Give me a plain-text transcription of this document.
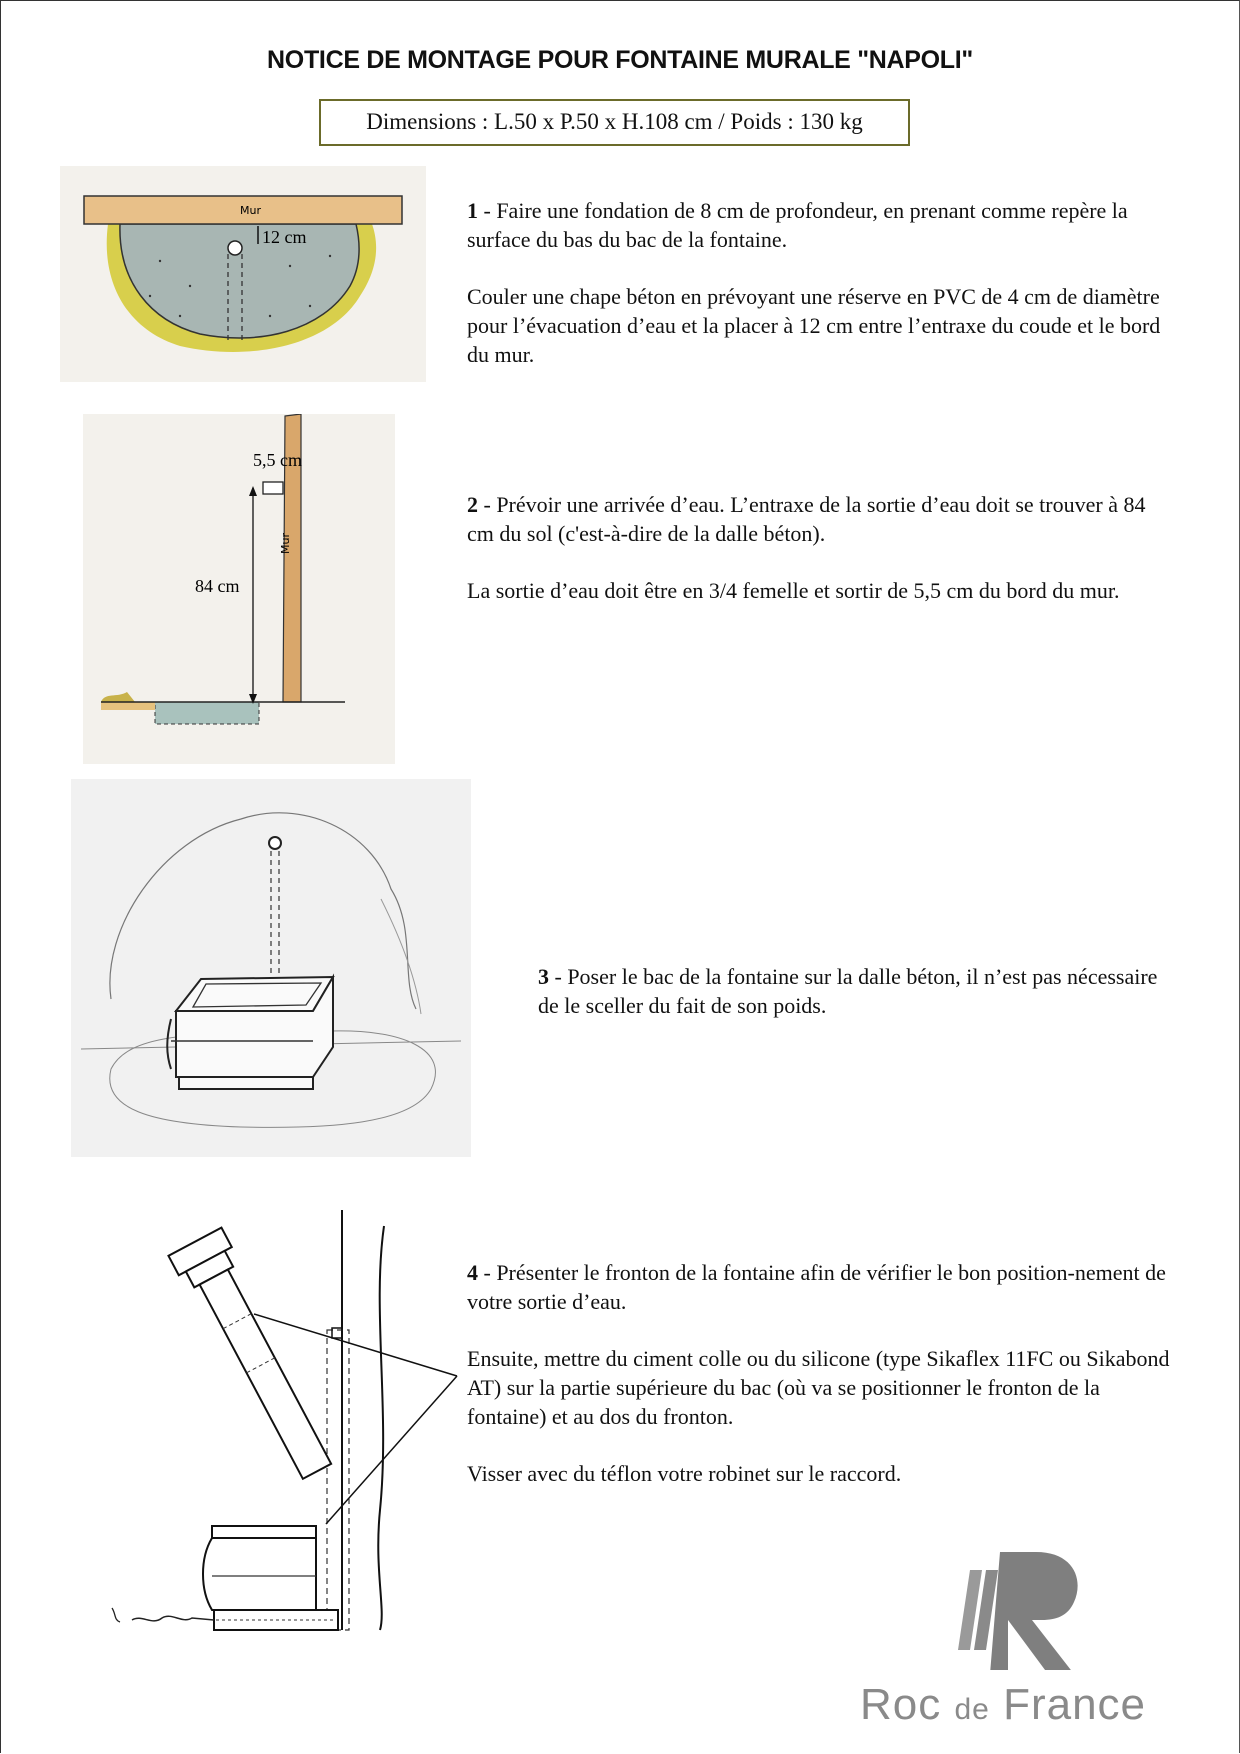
NOTICE DE MONTAGE POUR FONTAINE MURALE "NAPOLI"
Dimensions : L.50 x P.50 x H.108 cm / Poids : 130 kg
Mur
12 cm

1 - Faire une fondation de 8 cm de profondeur, en prenant comme repère la surface du bas du bac de la fontaine.

Couler une chape béton en prévoyant une réserve en PVC de 4 cm de diamètre pour l’évacuation d’eau et la placer à 12 cm entre l’entraxe du coude et le bord du mur.

Mur
5,5 cm
84 cm

2 - Prévoir une arrivée d’eau. L’entraxe de la sortie d’eau doit se trouver à 84 cm du sol (c'est-à-dire de la dalle béton).

La sortie d’eau doit être en 3/4 femelle et sortir de 5,5 cm du bord du mur.

3 - Poser le bac de la fontaine sur la dalle béton, il n’est pas nécessaire de le sceller du fait de son poids.

4 - Présenter le fronton de la fontaine afin de vérifier le bon position-nement de votre sortie d’eau.

Ensuite, mettre du ciment colle ou du silicone (type Sikaflex 11FC ou Sikabond AT) sur la partie supérieure du bac (où va se positionner le fronton de la fontaine) et au dos du fronton.

Visser avec du téflon votre robinet sur le raccord.

Roc de France
